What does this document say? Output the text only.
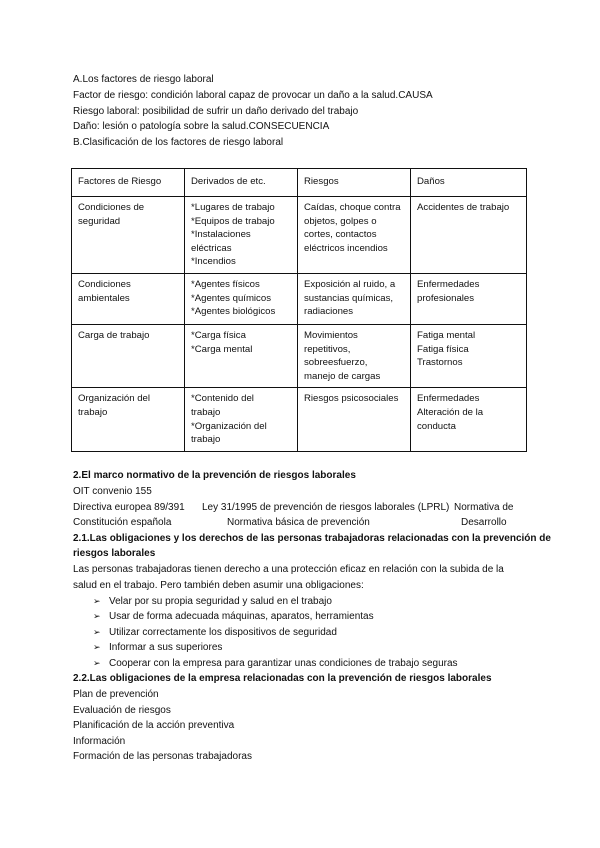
A.Los factores de riesgo laboral
Factor de riesgo: condición laboral capaz de provocar un daño a la salud.CAUSA
Riesgo laboral: posibilidad de sufrir un daño derivado del trabajo
Daño: lesión o patología sobre la salud.CONSECUENCIA
B.Clasificación de los factores de riesgo laboral
Factores de Riesgo	Derivados de etc.	Riesgos	Daños

Condiciones de
seguridad	*Lugares de trabajo
*Equipos de trabajo
*Instalaciones
eléctricas
*Incendios	Caídas, choque contra
objetos, golpes o
cortes, contactos
eléctricos incendios	Accidentes de trabajo

Condiciones
ambientales	*Agentes físicos
*Agentes químicos
*Agentes biológicos	Exposición al ruido, a
sustancias químicas,
radiaciones	Enfermedades
profesionales

Carga de trabajo	*Carga física
*Carga mental	Movimientos
repetitivos,
sobreesfuerzo,
manejo de cargas	Fatiga mental
Fatiga física
Trastornos

Organización del
trabajo	*Contenido del
trabajo
*Organización del
trabajo	Riesgos psicosociales	Enfermedades
Alteración de la
conducta
2.El marco normativo de la prevención de riesgos laborales
OIT convenio 155
Directiva europea 89/391 Ley 31/1995 de prevención de riesgos laborales (LPRL) Normativa de
Constitución española	Normativa básica de prevención	Desarrollo
2.1.Las obligaciones y los derechos de las personas trabajadoras relacionadas con la prevención de
riesgos laborales
Las personas trabajadoras tienen derecho a una protección eficaz en relación con la subida de la
salud en el trabajo. Pero también deben asumir una obligaciones:
➢ Velar por su propia seguridad y salud en el trabajo
➢ Usar de forma adecuada máquinas, aparatos, herramientas
➢ Utilizar correctamente los dispositivos de seguridad
➢ Informar a sus superiores
➢ Cooperar con la empresa para garantizar unas condiciones de trabajo seguras
2.2.Las obligaciones de la empresa relacionadas con la prevención de riesgos laborales
Plan de prevención
Evaluación de riesgos
Planificación de la acción preventiva
Información
Formación de las personas trabajadoras
